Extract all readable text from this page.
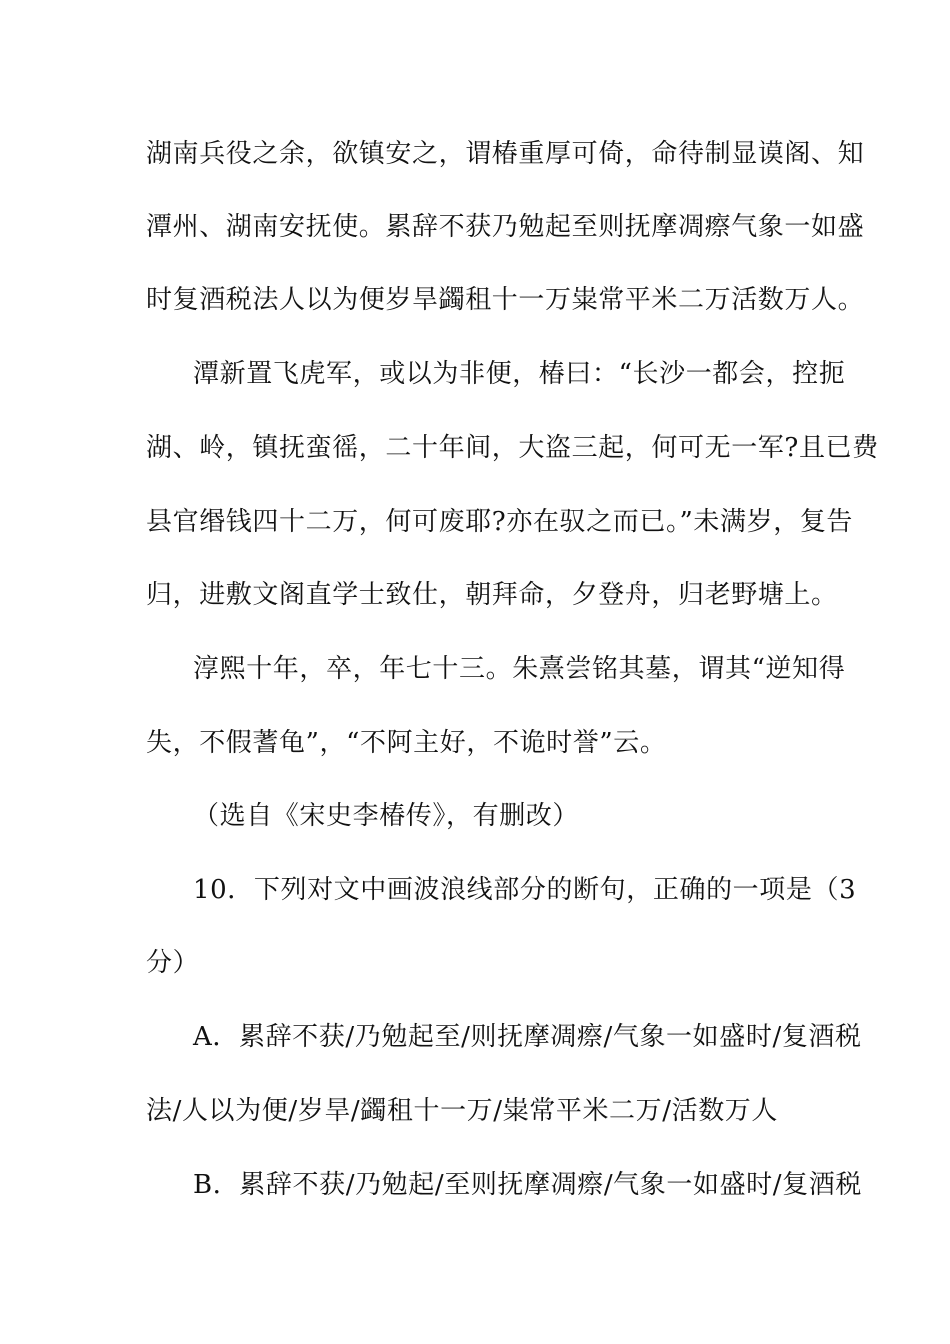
湖南兵役之余，欲镇安之，谓椿重厚可倚，命待制显谟阁、知
潭州、湖南安抚使。累辞不获乃勉起至则抚摩凋瘵气象一如盛
时复酒税法人以为便岁旱蠲租十一万粜常平米二万活数万人。
潭新置飞虎军，或以为非便，椿曰：“长沙一都会，控扼
湖、岭，镇抚蛮徭，二十年间，大盗三起，何可无一军?且已费
县官缗钱四十二万，何可废耶?亦在驭之而已。”未满岁，复告
归，进敷文阁直学士致仕，朝拜命，夕登舟，归老野塘上。
淳熙十年，卒，年七十三。朱熹尝铭其墓，谓其“逆知得
失，不假蓍龟”，“不阿主好，不诡时誉”云。
（选自《宋史李椿传》，有删改）
10．下列对文中画波浪线部分的断句，正确的一项是（3
分）
A．累辞不获/乃勉起至/则抚摩凋瘵/气象一如盛时/复酒税
法/人以为便/岁旱/蠲租十一万/粜常平米二万/活数万人
B．累辞不获/乃勉起/至则抚摩凋瘵/气象一如盛时/复酒税
